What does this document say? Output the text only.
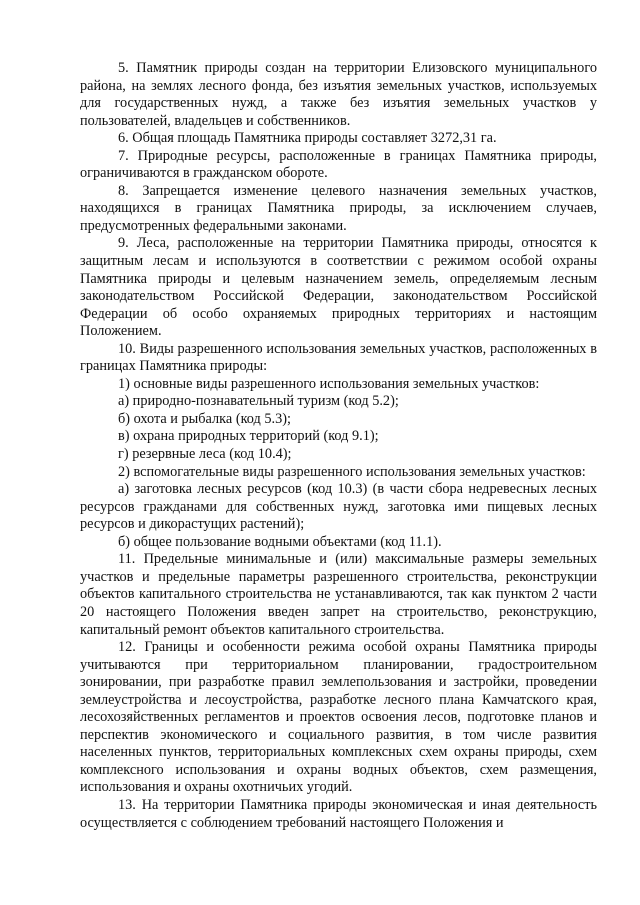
5. Памятник природы создан на территории Елизовского муниципального района, на землях лесного фонда, без изъятия земельных участков, используемых для государственных нужд, а также без изъятия земельных участков у пользователей, владельцев и собственников.

6. Общая площадь Памятника природы составляет 3272,31 га.

7. Природные ресурсы, расположенные в границах Памятника природы, ограничиваются в гражданском обороте.

8. Запрещается изменение целевого назначения земельных участков, находящихся в границах Памятника природы, за исключением случаев, предусмотренных федеральными законами.

9. Леса, расположенные на территории Памятника природы, относятся к защитным лесам и используются в соответствии с режимом особой охраны Памятника природы и целевым назначением земель, определяемым лесным законодательством Российской Федерации, законодательством Российской Федерации об особо охраняемых природных территориях и настоящим Положением.

10. Виды разрешенного использования земельных участков, расположенных в границах Памятника природы:

1) основные виды разрешенного использования земельных участков:

а) природно-познавательный туризм (код 5.2);

б) охота и рыбалка (код 5.3);

в) охрана природных территорий (код 9.1);

г) резервные леса (код 10.4);

2) вспомогательные виды разрешенного использования земельных участков:

а) заготовка лесных ресурсов (код 10.3) (в части сбора недревесных лесных ресурсов гражданами для собственных нужд, заготовка ими пищевых лесных ресурсов и дикорастущих растений);

б) общее пользование водными объектами (код 11.1).

11. Предельные минимальные и (или) максимальные размеры земельных участков и предельные параметры разрешенного строительства, реконструкции объектов капитального строительства не устанавливаются, так как пунктом 2 части 20 настоящего Положения введен запрет на строительство, реконструкцию, капитальный ремонт объектов капитального строительства.

12. Границы и особенности режима особой охраны Памятника природы учитываются при территориальном планировании, градостроительном зонировании, при разработке правил землепользования и застройки, проведении землеустройства и лесоустройства, разработке лесного плана Камчатского края, лесохозяйственных регламентов и проектов освоения лесов, подготовке планов и перспектив экономического и социального развития, в том числе развития населенных пунктов, территориальных комплексных схем охраны природы, схем комплексного использования и охраны водных объектов, схем размещения, использования и охраны охотничьих угодий.

13. На территории Памятника природы экономическая и иная деятельность осуществляется с соблюдением требований настоящего Положения и
